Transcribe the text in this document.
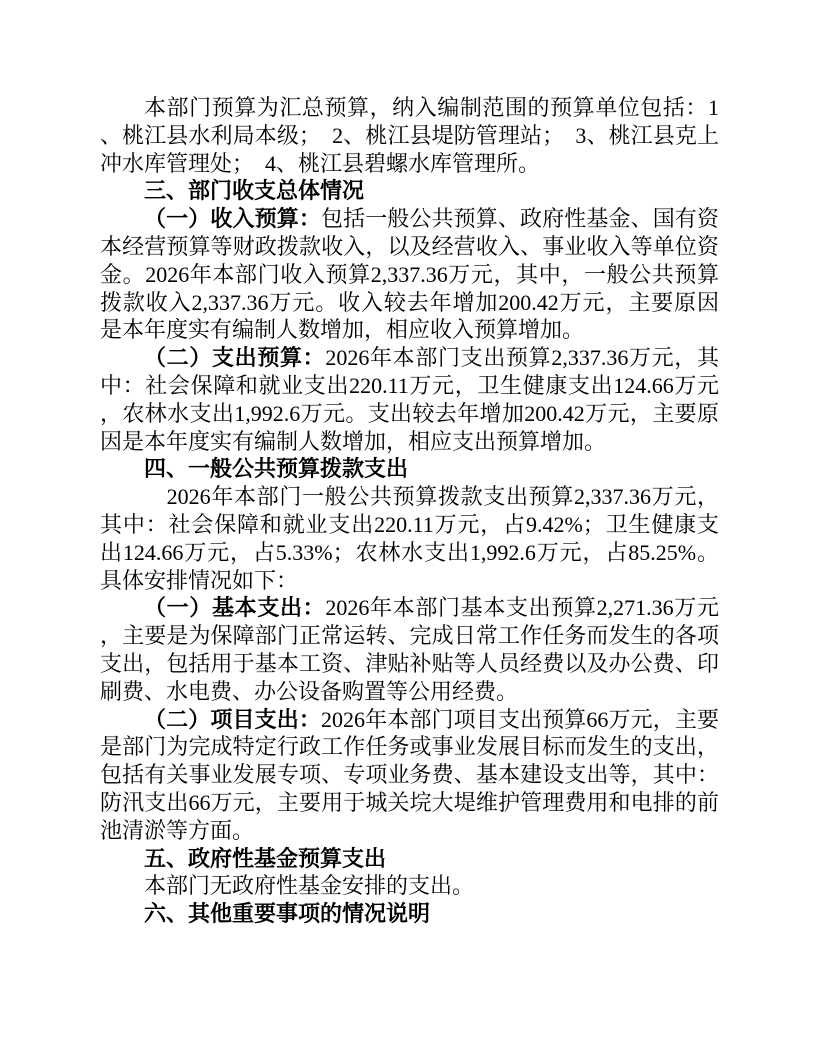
本部门预算为汇总预算，纳入编制范围的预算单位包括：1、桃江县水利局本级；　2、桃江县堤防管理站；　3、桃江县克上冲水库管理处；　4、桃江县碧螺水库管理所。

三、部门收支总体情况

（一）收入预算：包括一般公共预算、政府性基金、国有资本经营预算等财政拨款收入，以及经营收入、事业收入等单位资金。2026年本部门收入预算2,337.36万元，其中，一般公共预算拨款收入2,337.36万元。收入较去年增加200.42万元，主要原因是本年度实有编制人数增加，相应收入预算增加。

（二）支出预算：2026年本部门支出预算2,337.36万元，其中：社会保障和就业支出220.11万元，卫生健康支出124.66万元，农林水支出1,992.6万元。支出较去年增加200.42万元，主要原因是本年度实有编制人数增加，相应支出预算增加。

四、一般公共预算拨款支出

　2026年本部门一般公共预算拨款支出预算2,337.36万元，其中：社会保障和就业支出220.11万元，占9.42%；卫生健康支出124.66万元，占5.33%；农林水支出1,992.6万元，占85.25%。具体安排情况如下：

（一）基本支出：2026年本部门基本支出预算2,271.36万元，主要是为保障部门正常运转、完成日常工作任务而发生的各项支出，包括用于基本工资、津贴补贴等人员经费以及办公费、印刷费、水电费、办公设备购置等公用经费。

（二）项目支出：2026年本部门项目支出预算66万元，主要是部门为完成特定行政工作任务或事业发展目标而发生的支出，包括有关事业发展专项、专项业务费、基本建设支出等，其中：防汛支出66万元，主要用于城关垸大堤维护管理费用和电排的前池清淤等方面。

五、政府性基金预算支出

本部门无政府性基金安排的支出。

六、其他重要事项的情况说明
